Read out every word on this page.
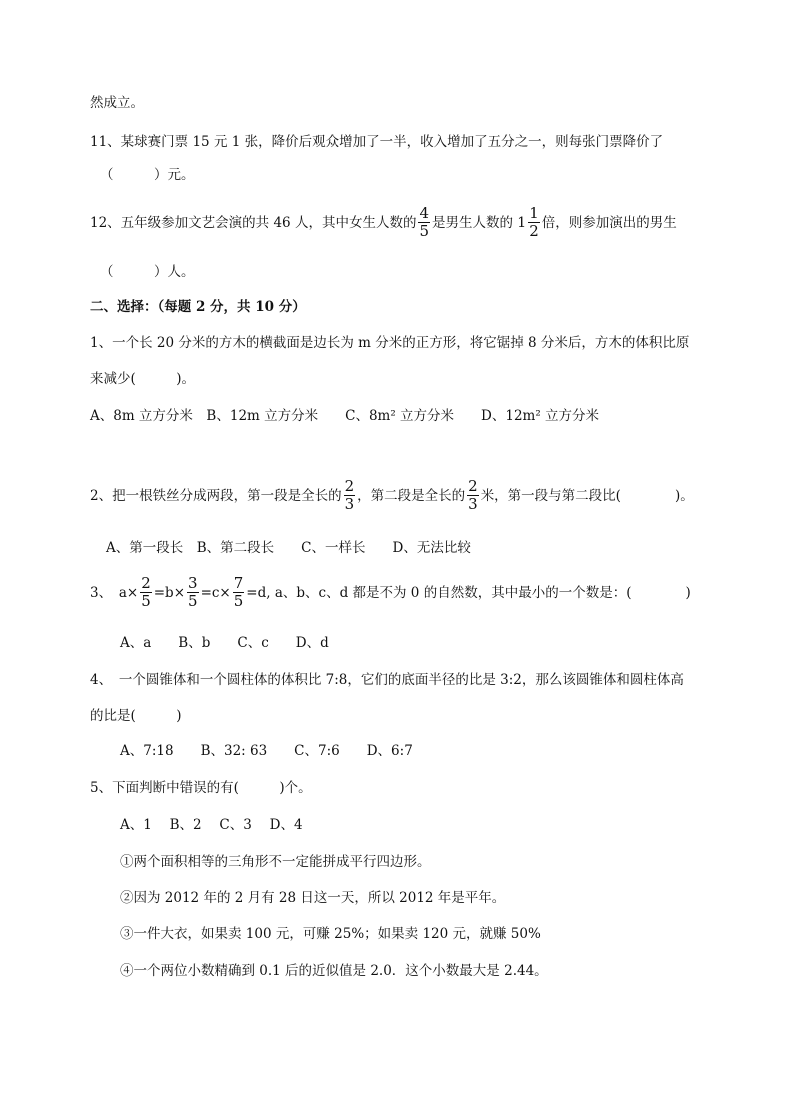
然成立。
11、某球赛门票 15 元 1 张，降价后观众增加了一半，收入增加了五分之一，则每张门票降价了
（　　　）元。
12、五年级参加文艺会演的共 46 人，其中女生人数的 $\frac{4}{5}$ 是男生人数的 $1 \frac{1}{2}$ 倍，则参加演出的男生
（　　　）人。
二、选择：（每题 2 分，共 10 分）
1、一个长 20 分米的方木的横截面是边长为 m 分米的正方形，将它锯掉 8 分米后，方木的体积比原
来减少(　　　)。
A、8m 立方分米　B、12m 立方分米　　C、8m² 立方分米　　D、12m² 立方分米
2、把一根铁丝分成两段，第一段是全长的 $\frac{2}{3}$ ，第二段是全长的 $\frac{2}{3}$ 米，第一段与第二段比(　　　　)。
A、第一段长　B、第二段长　　C、一样长　　D、无法比较
3、　$a\times \frac{2}{5} =b\times \frac{3}{5} =c\times \frac{7}{5} =d$, a、b、c、d 都是不为 0 的自然数，其中最小的一个数是：(　　　　)
A、a　　B、b　　C、c　　D、d
4、　一个圆锥体和一个圆柱体的体积比 7:8，它们的底面半径的比是 3:2，那么该圆锥体和圆柱体高
的比是(　　　)
A、7:18　　B、32: 63　　C、7:6　　D、6:7
5、下面判断中错误的有(　　　)个。
A、1　 B、2　 C、3　 D、4
①两个面积相等的三角形不一定能拼成平行四边形。
②因为 2012 年的 2 月有 28 日这一天，所以 2012 年是平年。
③一件大衣，如果卖 100 元，可赚 25%；如果卖 120 元，就赚 50%
④一个两位小数精确到 0.1 后的近似值是 2.0．这个小数最大是 2.44。
